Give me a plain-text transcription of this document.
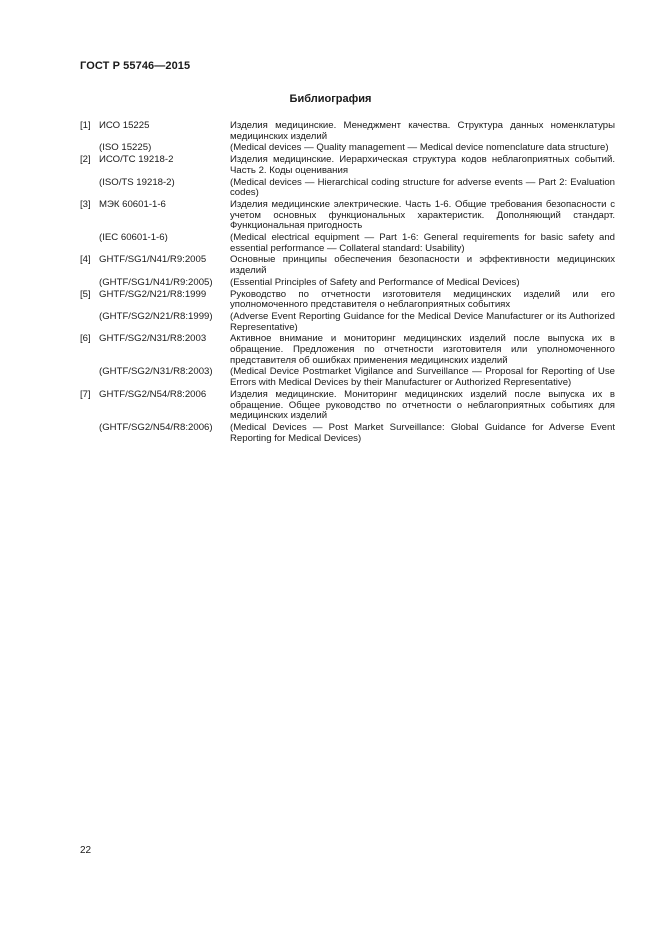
ГОСТ Р 55746—2015
Библиография
[1] ИСО 15225	Изделия медицинские. Менеджмент качества. Структура данных номенклатуры медицинских изделий
(ISO 15225)	(Medical devices — Quality management — Medical device nomenclature data structure)
[2] ИСО/ТС 19218-2	Изделия медицинские. Иерархическая структура кодов неблагоприятных событий. Часть 2. Коды оценивания
(ISO/TS 19218-2)	(Medical devices — Hierarchical coding structure for adverse events — Part 2: Evaluation codes)
[3] МЭК 60601-1-6	Изделия медицинские электрические. Часть 1-6. Общие требования безопасности с учетом основных функциональных характеристик. Дополняющий стандарт. Функциональная пригодность
(IEC 60601-1-6)	(Medical electrical equipment — Part 1-6: General requirements for basic safety and essential performance — Collateral standard: Usability)
[4] GHTF/SG1/N41/R9:2005	Основные принципы обеспечения безопасности и эффективности медицинских изделий
(GHTF/SG1/N41/R9:2005)	(Essential Principles of Safety and Performance of Medical Devices)
[5] GHTF/SG2/N21/R8:1999	Руководство по отчетности изготовителя медицинских изделий или его уполномоченного представителя о неблагоприятных событиях
(GHTF/SG2/N21/R8:1999)	(Adverse Event Reporting Guidance for the Medical Device Manufacturer or its Authorized Representative)
[6] GHTF/SG2/N31/R8:2003	Активное внимание и мониторинг медицинских изделий после выпуска их в обращение. Предложения по отчетности изготовителя или уполномоченного представителя об ошибках применения медицинских изделий
(GHTF/SG2/N31/R8:2003)	(Medical Device Postmarket Vigilance and Surveillance — Proposal for Reporting of Use Errors with Medical Devices by their Manufacturer or Authorized Representative)
[7] GHTF/SG2/N54/R8:2006	Изделия медицинские. Мониторинг медицинских изделий после выпуска их в обращение. Общее руководство по отчетности о неблагоприятных событиях для медицинских изделий
(GHTF/SG2/N54/R8:2006)	(Medical Devices — Post Market Surveillance: Global Guidance for Adverse Event Reporting for Medical Devices)
22
